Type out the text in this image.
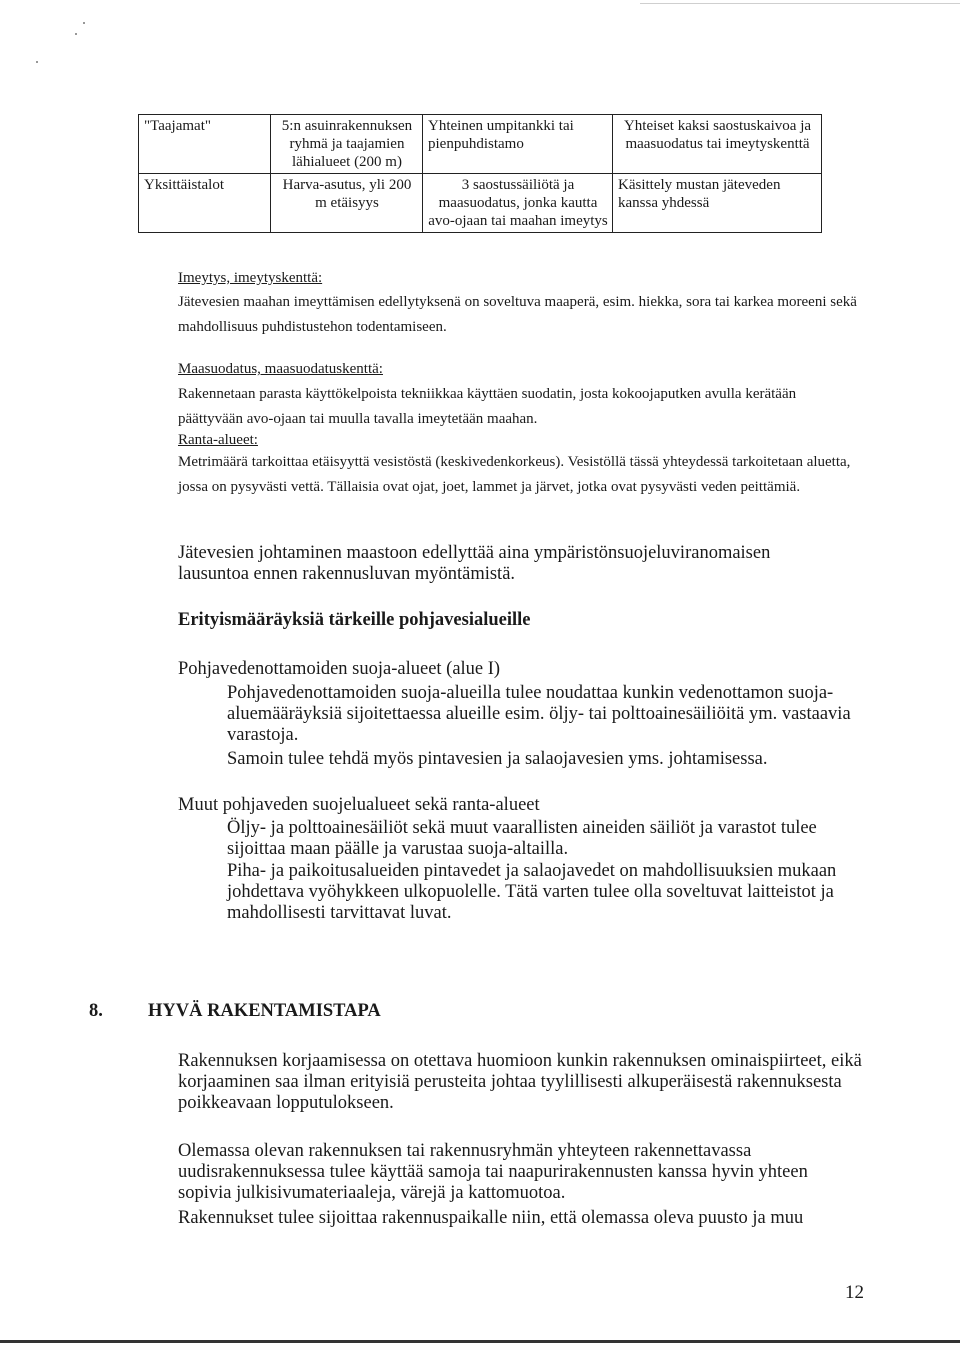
"Taajamat"	5:n asuinrakennuksen ryhmä ja taajamien lähialueet (200 m)	Yhteinen umpitankki tai pienpuhdistamo	Yhteiset kaksi saostuskaivoa ja maasuodatus tai imeytyskenttä
Yksittäistalot	Harva-asutus, yli 200 m etäisyys	3 saostussäiliötä ja maasuodatus, jonka kautta avo-ojaan tai maahan imeytys	Käsittely mustan jäteveden kanssa yhdessä
Imeytys, imeytyskenttä:
Jätevesien maahan imeyttämisen edellytyksenä on soveltuva maaperä, esim. hiekka, sora tai karkea moreeni sekä mahdollisuus puhdistustehon todentamiseen.
Maasuodatus, maasuodatuskenttä:
Rakennetaan parasta käyttökelpoista tekniikkaa käyttäen suodatin, josta kokoojaputken avulla kerätään päättyvään avo-ojaan tai muulla tavalla imeytetään maahan.
Ranta-alueet:
Metrimäärä tarkoittaa etäisyyttä vesistöstä (keskivedenkorkeus). Vesistöllä tässä yhteydessä tarkoitetaan aluetta, jossa on pysyvästi vettä. Tällaisia ovat ojat, joet, lammet ja järvet, jotka ovat pysyvästi veden peittämiä.
Jätevesien johtaminen maastoon edellyttää aina ympäristönsuojeluviranomaisen lausuntoa ennen rakennusluvan myöntämistä.
Erityismääräyksiä tärkeille pohjavesialueille
Pohjavedenottamoiden suoja-alueet (alue I)
Pohjavedenottamoiden suoja-alueilla tulee noudattaa kunkin vedenottamon suoja-aluemääräyksiä sijoitettaessa alueille esim. öljy- tai polttoainesäiliöitä ym. vastaavia varastoja.
Samoin tulee tehdä myös pintavesien ja salaojavesien yms. johtamisessa.
Muut pohjaveden suojelualueet sekä ranta-alueet
Öljy- ja polttoainesäiliöt sekä muut vaarallisten aineiden säiliöt ja varastot tulee sijoittaa maan päälle ja varustaa suoja-altailla.
Piha- ja paikoitusalueiden pintavedet ja salaojavedet on mahdollisuuksien mukaan johdettava vyöhykkeen ulkopuolelle. Tätä varten tulee olla soveltuvat laitteistot ja mahdollisesti tarvittavat luvat.
8. HYVÄ RAKENTAMISTAPA
Rakennuksen korjaamisessa on otettava huomioon kunkin rakennuksen ominaispiirteet, eikä korjaaminen saa ilman erityisiä perusteita johtaa tyylillisesti alkuperäisestä rakennuksesta poikkeavaan lopputulokseen.
Olemassa olevan rakennuksen tai rakennusryhmän yhteyteen rakennettavassa uudisrakennuksessa tulee käyttää samoja tai naapurirakennusten kanssa hyvin yhteen sopivia julkisivumateriaaleja, värejä ja kattomuotoa.
Rakennukset tulee sijoittaa rakennuspaikalle niin, että olemassa oleva puusto ja muu
12
